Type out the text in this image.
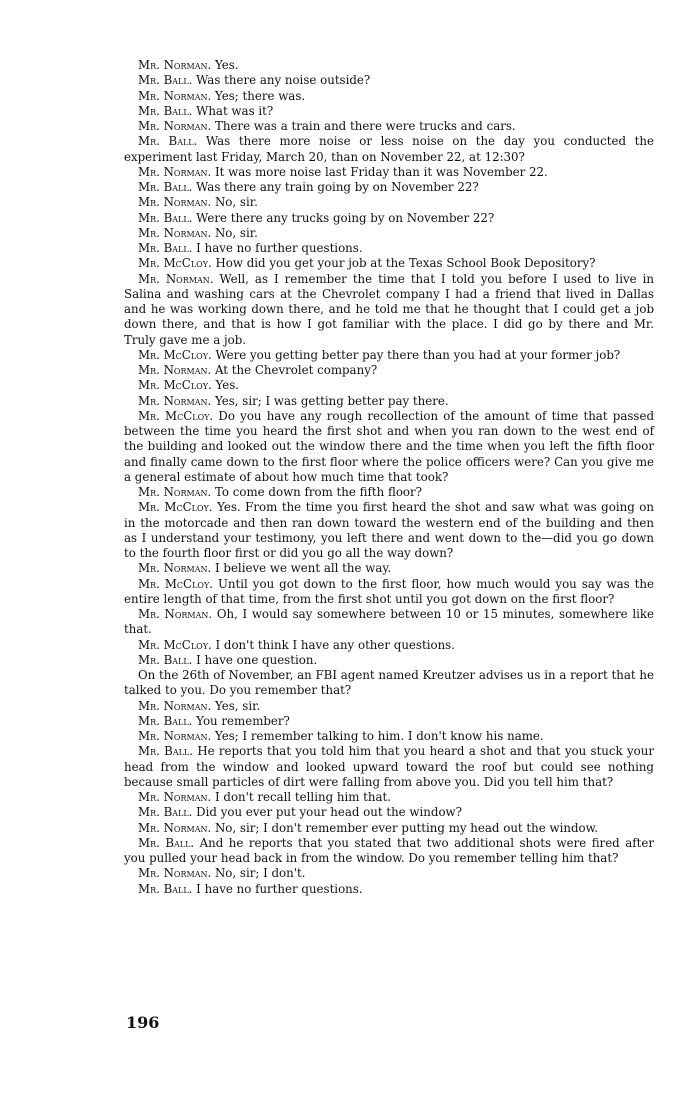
Mr. Norman. Yes.

Mr. Ball. Was there any noise outside?

Mr. Norman. Yes; there was.

Mr. Ball. What was it?

Mr. Norman. There was a train and there were trucks and cars.

Mr. Ball. Was there more noise or less noise on the day you conducted the experiment last Friday, March 20, than on November 22, at 12:30?

Mr. Norman. It was more noise last Friday than it was November 22.

Mr. Ball. Was there any train going by on November 22?

Mr. Norman. No, sir.

Mr. Ball. Were there any trucks going by on November 22?

Mr. Norman. No, sir.

Mr. Ball. I have no further questions.

Mr. McCloy. How did you get your job at the Texas School Book Depository?

Mr. Norman. Well, as I remember the time that I told you before I used to live in Salina and washing cars at the Chevrolet company I had a friend that lived in Dallas and he was working down there, and he told me that he thought that I could get a job down there, and that is how I got familiar with the place. I did go by there and Mr. Truly gave me a job.

Mr. McCloy. Were you getting better pay there than you had at your former job?

Mr. Norman. At the Chevrolet company?

Mr. McCloy. Yes.

Mr. Norman. Yes, sir; I was getting better pay there.

Mr. McCloy. Do you have any rough recollection of the amount of time that passed between the time you heard the first shot and when you ran down to the west end of the building and looked out the window there and the time when you left the fifth floor and finally came down to the first floor where the police officers were? Can you give me a general estimate of about how much time that took?

Mr. Norman. To come down from the fifth floor?

Mr. McCloy. Yes. From the time you first heard the shot and saw what was going on in the motorcade and then ran down toward the western end of the building and then as I understand your testimony, you left there and went down to the—did you go down to the fourth floor first or did you go all the way down?

Mr. Norman. I believe we went all the way.

Mr. McCloy. Until you got down to the first floor, how much would you say was the entire length of that time, from the first shot until you got down on the first floor?

Mr. Norman. Oh, I would say somewhere between 10 or 15 minutes, somewhere like that.

Mr. McCloy. I don't think I have any other questions.

Mr. Ball. I have one question.

On the 26th of November, an FBI agent named Kreutzer advises us in a report that he talked to you. Do you remember that?

Mr. Norman. Yes, sir.

Mr. Ball. You remember?

Mr. Norman. Yes; I remember talking to him. I don't know his name.

Mr. Ball. He reports that you told him that you heard a shot and that you stuck your head from the window and looked upward toward the roof but could see nothing because small particles of dirt were falling from above you. Did you tell him that?

Mr. Norman. I don't recall telling him that.

Mr. Ball. Did you ever put your head out the window?

Mr. Norman. No, sir; I don't remember ever putting my head out the window.

Mr. Ball. And he reports that you stated that two additional shots were fired after you pulled your head back in from the window. Do you remember telling him that?

Mr. Norman. No, sir; I don't.

Mr. Ball. I have no further questions.

196
